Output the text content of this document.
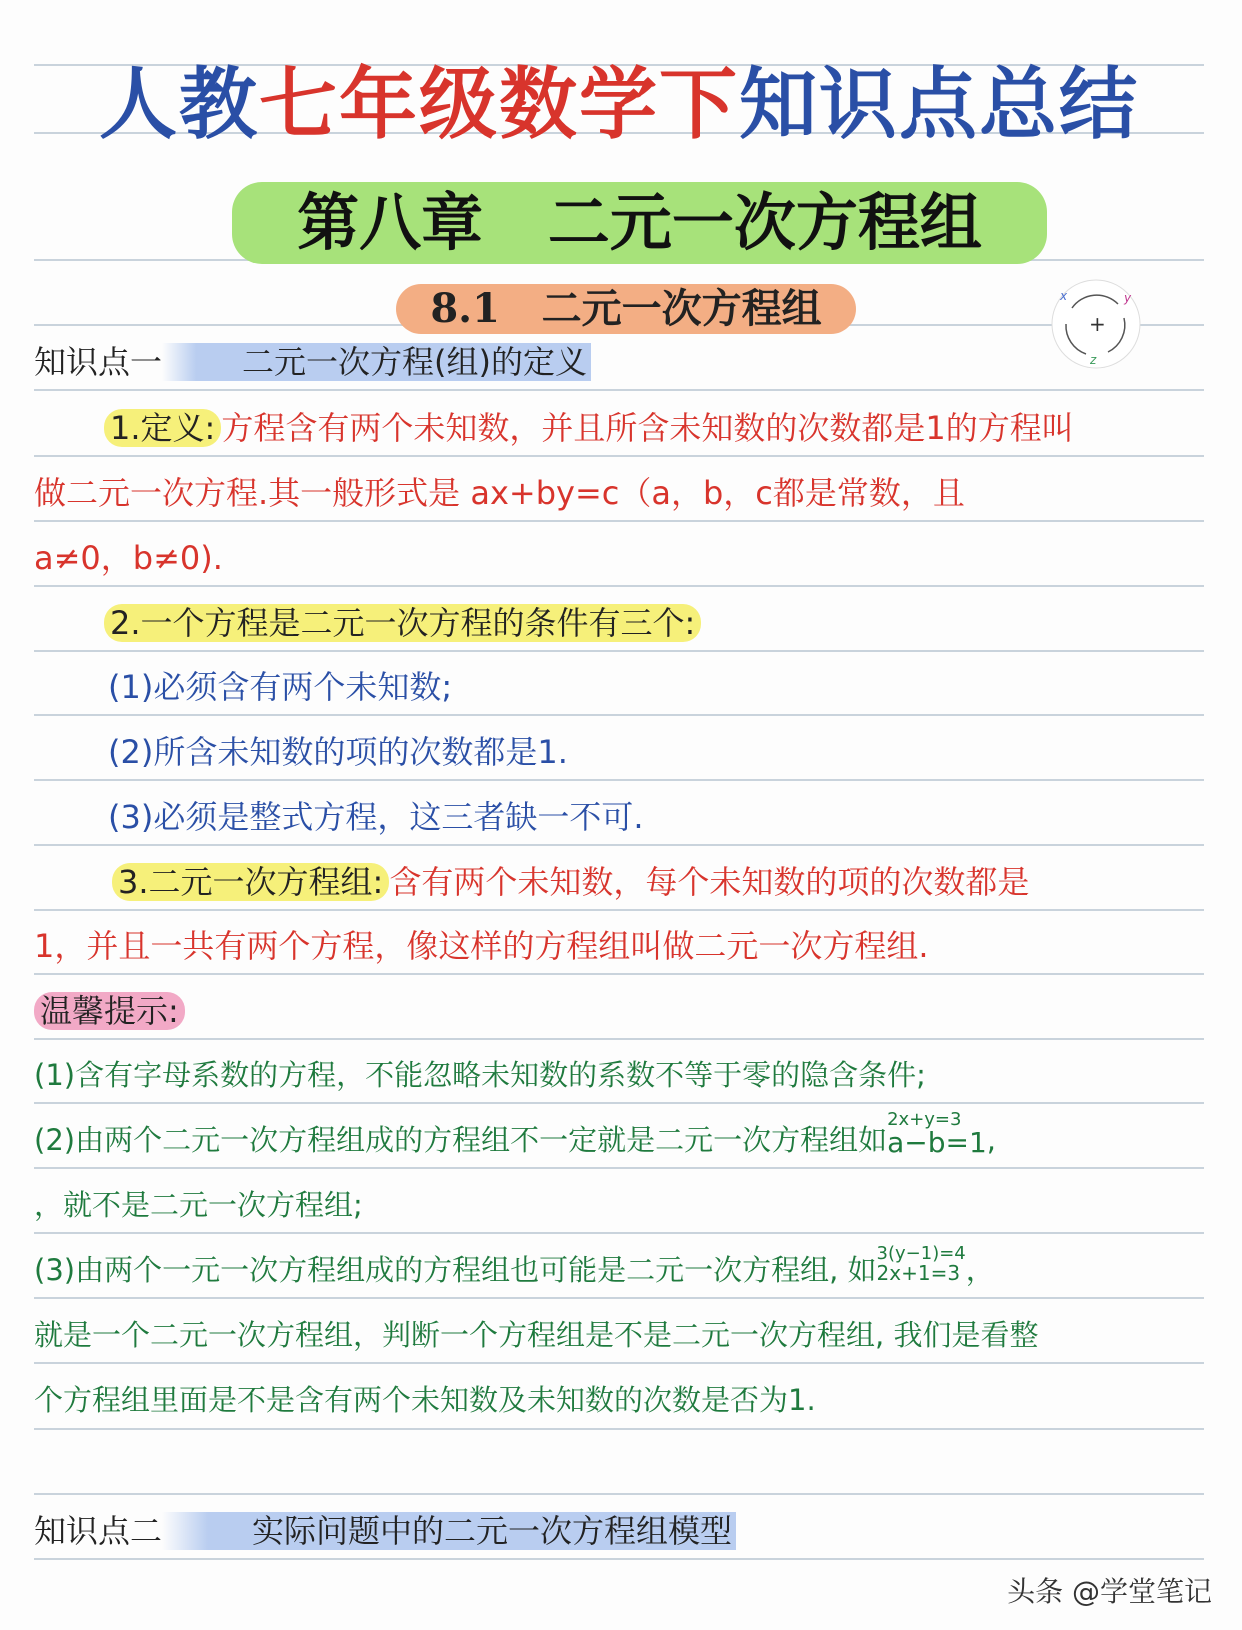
人教七年级数学下知识点总结
第八章   二元一次方程组
8.1   二元一次方程组	x	y
z
+
知识点一	二元一次方程(组)的定义
1.定义: 方程含有两个未知数，并且所含未知数的次数都是1的方程叫
做二元一次方程.其一般形式是 ax+by=c（a，b，c都是常数，且
a≠0，b≠0).
2.一个方程是二元一次方程的条件有三个:
(1)必须含有两个未知数;
(2)所含未知数的项的次数都是1.
(3)必须是整式方程，这三者缺一不可.
3.二元一次方程组: 含有两个未知数，每个未知数的项的次数都是
1，并且一共有两个方程，像这样的方程组叫做二元一次方程组.
温馨提示:
(1)含有字母系数的方程，不能忽略未知数的系数不等于零的隐含条件;
(2)由两个二元一次方程组成的方程组不一定就是二元一次方程组如
2x+y=3
a−b=1 ,
，就不是二元一次方程组;
(3)由两个一元一次方程组成的方程组也可能是二元一次方程组, 如 3(y−1)=4
2x+1=3 ，
就是一个二元一次方程组，判断一个方程组是不是二元一次方程组, 我们是看整
个方程组里面是不是含有两个未知数及未知数的次数是否为1.
知识点二	实际问题中的二元一次方程组模型
头条 @学堂笔记
